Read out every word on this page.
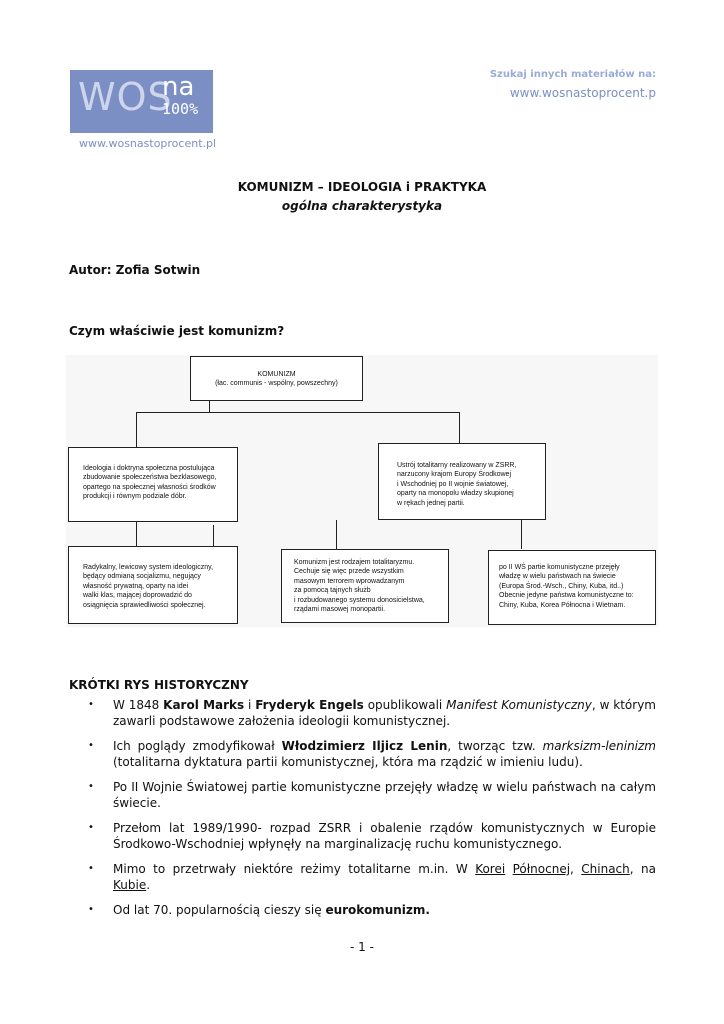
WOS
na
100%
www.wosnastoprocent.pl
Szukaj innych materiałów na:
www.wosnastoprocent.p
KOMUNIZM – IDEOLOGIA i PRAKTYKA
ogólna charakterystyka
Autor: Zofia Sotwin
Czym właściwie jest komunizm?
KOMUNIZM
(łac. communis - wspólny, powszechny)
Ideologia i doktryna społeczna postulująca
zbudowanie społeczeństwa bezklasowego,
opartego na społecznej własności środków
produkcji i równym podziale dóbr.
Ustrój totalitarny realizowany w ZSRR,
narzucony krajom Europy Środkowej
i Wschodniej po II wojnie światowej,
oparty na monopolu władzy skupionej
w rękach jednej partii.
Radykalny, lewicowy system ideologiczny,
będący odmianą socjalizmu, negujący
własność prywatną, oparty na idei
walki klas, mającej doprowadzić do
osiągnięcia sprawiedliwości społecznej.
Komunizm jest rodzajem totalitaryzmu.
Cechuje się więc przede wszystkim
masowym terrorem wprowadzanym
za pomocą tajnych służb
i rozbudowanego systemu donosicielstwa,
rządami masowej monopartii.
po II WŚ partie komunistyczne przejęły
władzę w wielu państwach na świecie
(Europa Środ.-Wsch., Chiny, Kuba, itd..)
Obecnie jedyne państwa komunistyczne to:
Chiny, Kuba, Korea Północna i Wietnam.
KRÓTKI RYS HISTORYCZNY
• W 1848 Karol Marks i Fryderyk Engels opublikowali Manifest Komunistyczny, w którym zawarli podstawowe założenia ideologii komunistycznej.
• Ich poglądy zmodyfikował Włodzimierz Iljicz Lenin, tworząc tzw. marksizm-leninizm (totalitarna dyktatura partii komunistycznej, która ma rządzić w imieniu ludu).
• Po II Wojnie Światowej partie komunistyczne przejęły władzę w wielu państwach na całym świecie.
• Przełom lat 1989/1990- rozpad ZSRR i obalenie rządów komunistycznych w Europie Środkowo-Wschodniej wpłynęły na marginalizację ruchu komunistycznego.
• Mimo to przetrwały niektóre reżimy totalitarne m.in. W Korei Północnej, Chinach, na Kubie.
• Od lat 70. popularnością cieszy się eurokomunizm.
- 1 -
